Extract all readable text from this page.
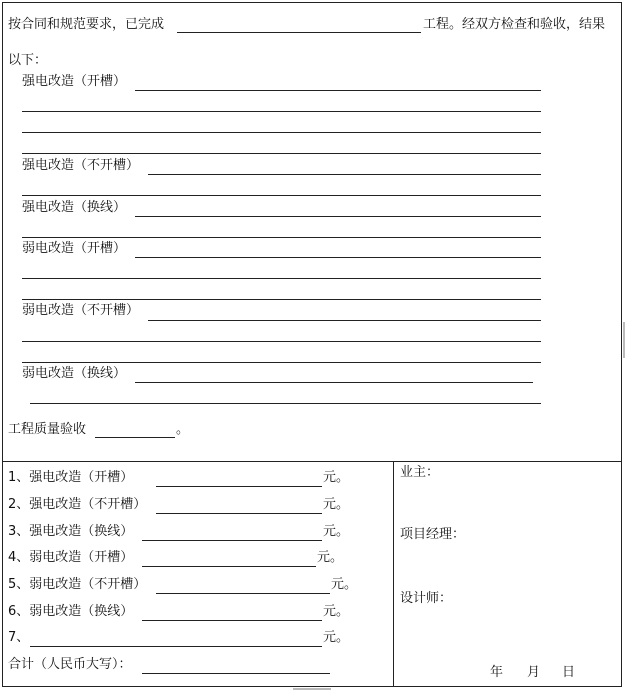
按合同和规范要求，已完成	工程。经双方检查和验收，结果
以下：
强电改造（开槽）
强电改造（不开槽）
强电改造（换线）
弱电改造（开槽）
弱电改造（不开槽）
弱电改造（换线）
工程质量验收	。
1、强电改造（开槽）	元。
2、强电改造（不开槽）	元。
3、强电改造（换线）	元。
4、弱电改造（开槽）	元。
5、弱电改造（不开槽）	元。
6、弱电改造（换线）	元。
7、	元。
合计（人民币大写）：
业主：
项目经理：
设计师：
年 月 日
